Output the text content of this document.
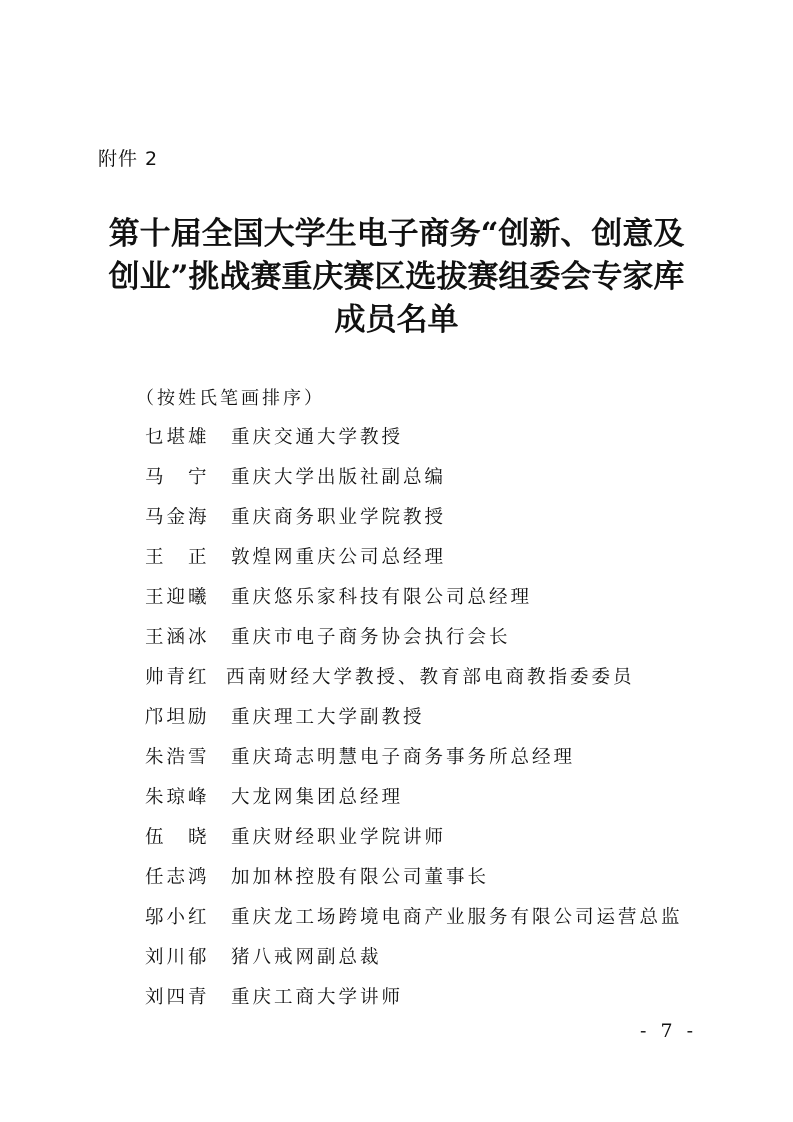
附件 2
第十届全国大学生电子商务“创新、创意及
创业”挑战赛重庆赛区选拔赛组委会专家库
成员名单
（按姓氏笔画排序）
乜堪雄 重庆交通大学教授
马　宁 重庆大学出版社副总编
马金海 重庆商务职业学院教授
王　正 敦煌网重庆公司总经理
王迎曦 重庆悠乐家科技有限公司总经理
王涵冰 重庆市电子商务协会执行会长
帅青红 西南财经大学教授、教育部电商教指委委员
邝坦励 重庆理工大学副教授
朱浩雪 重庆琦志明慧电子商务事务所总经理
朱琼峰 大龙网集团总经理
伍　晓 重庆财经职业学院讲师
任志鸿 加加林控股有限公司董事长
邬小红 重庆龙工场跨境电商产业服务有限公司运营总监
刘川郁 猪八戒网副总裁
刘四青 重庆工商大学讲师
- 7 -
